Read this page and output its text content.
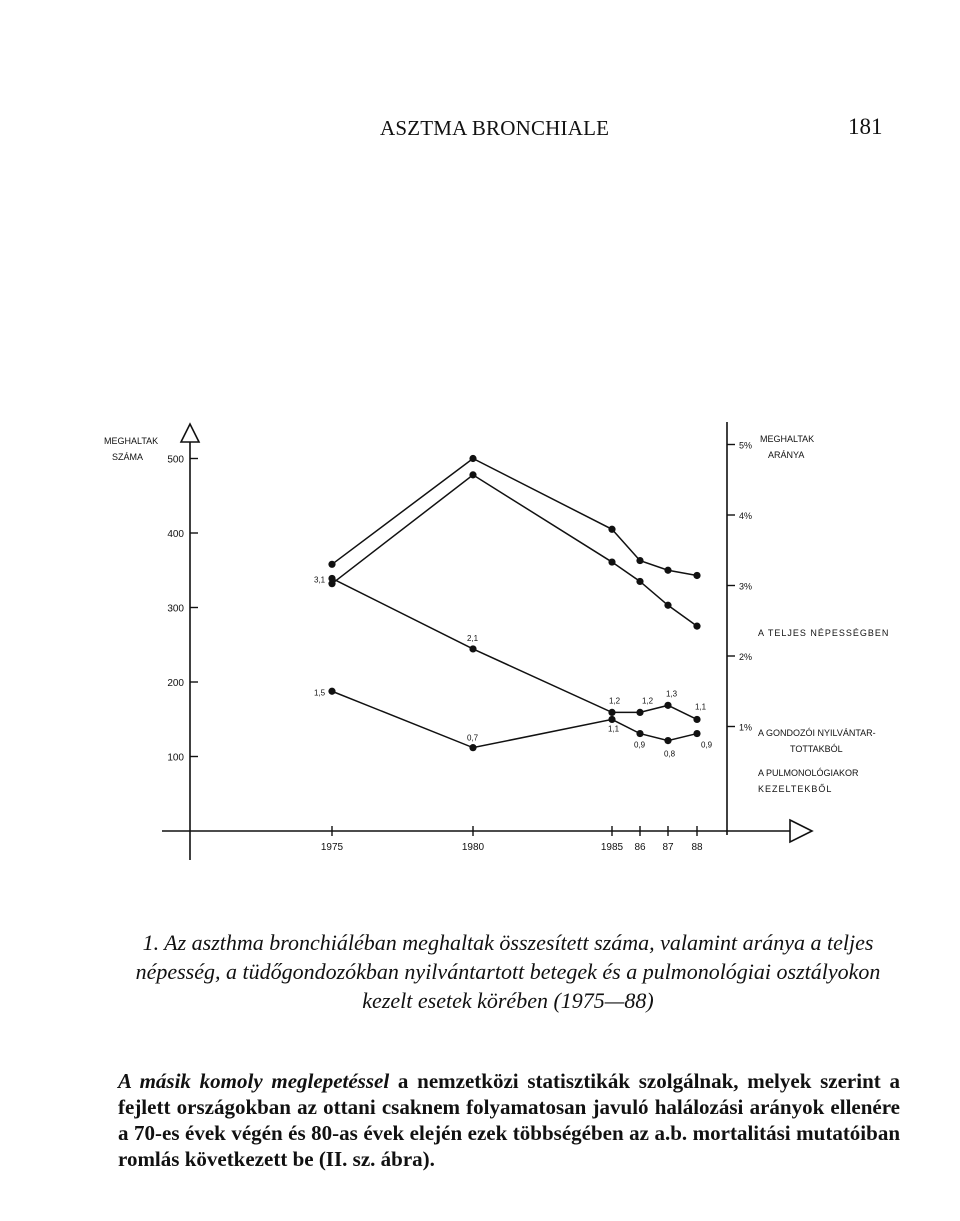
ASZTMA BRONCHIALE	181
MEGHALTAK
SZÁMA
MEGHALTAK
ARÁNYA
A TELJES NÉPESSÉGBEN
A GONDOZÓI NYILVÁNTAR-
TOTTAKBÓL
A PULMONOLÓGIAKOR
KEZELTEKBŐL
100
200
300
400
500
1%
2%
3%
4%
5%
1975	1980	1985 86 87 88
3,1
2,1
1,2	1,2
1,3
1,1
1,5
0,7
1,1
0,9
0,8
0,9
1. Az aszthma bronchiáléban meghaltak összesített száma, valamint aránya a teljes népesség, a tüdőgondozókban nyilvántartott betegek és a pulmonológiai osztályokon kezelt esetek körében (1975—88)
A másik komoly meglepetéssel a nemzetközi statisztikák szolgálnak, melyek szerint a fejlett országokban az ottani csaknem folyamatosan javuló halálozási arányok ellenére a 70-es évek végén és 80-as évek elején ezek többségében az a.b. mortalitási mutatóiban romlás következett be (II. sz. ábra).
